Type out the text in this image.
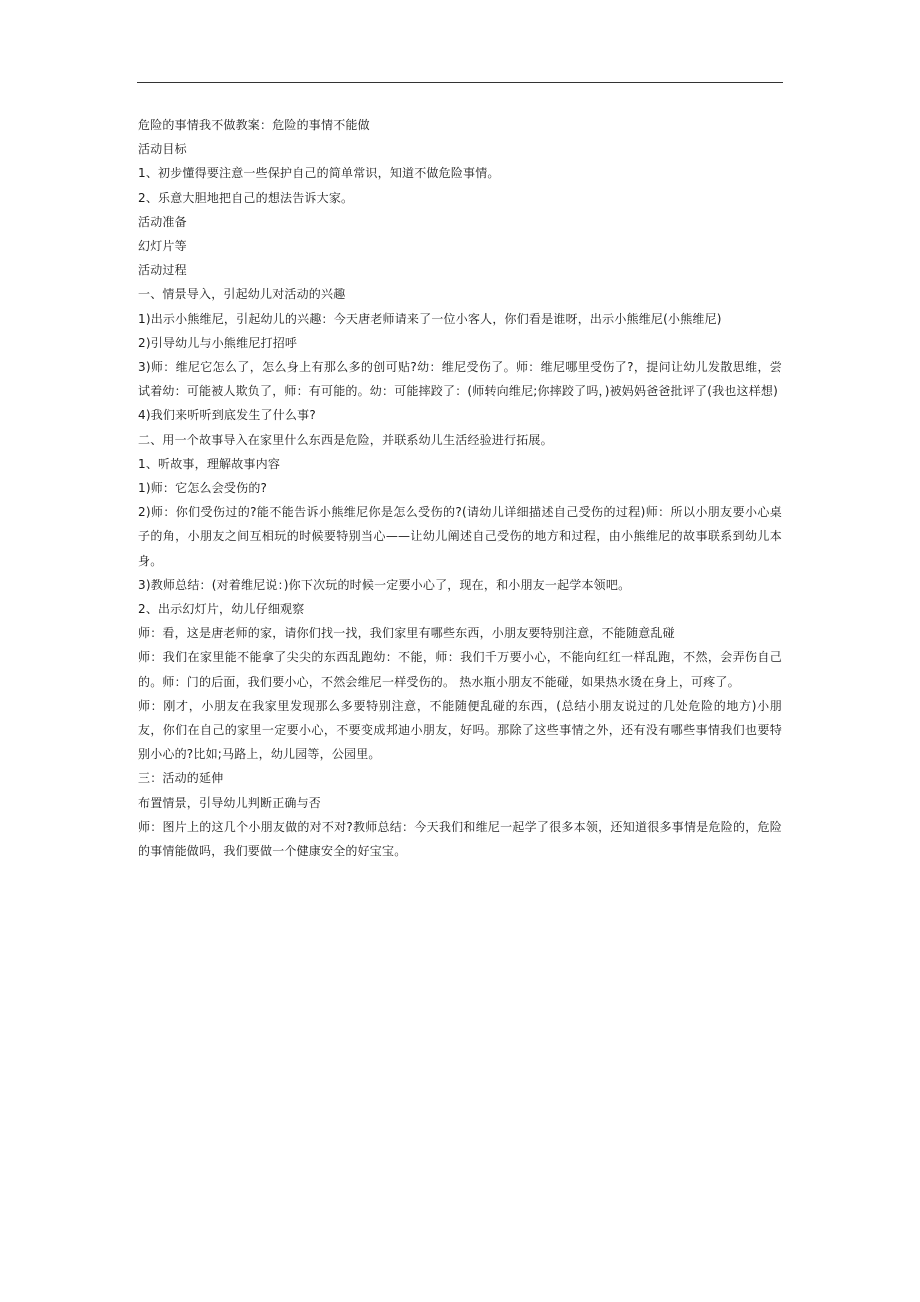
危险的事情我不做教案：危险的事情不能做

活动目标

1、初步懂得要注意一些保护自己的简单常识，知道不做危险事情。

2、乐意大胆地把自己的想法告诉大家。

活动准备

幻灯片等

活动过程

一、情景导入，引起幼儿对活动的兴趣

1)出示小熊维尼，引起幼儿的兴趣：今天唐老师请来了一位小客人，你们看是谁呀，出示小熊维尼(小熊维尼)

2)引导幼儿与小熊维尼打招呼

3)师：维尼它怎么了，怎么身上有那么多的创可贴?幼：维尼受伤了。师：维尼哪里受伤了?，提问让幼儿发散思维，尝试着幼：可能被人欺负了，师：有可能的。幼：可能摔跤了：(师转向维尼;你摔跤了吗，)被妈妈爸爸批评了(我也这样想)

4)我们来听听到底发生了什么事?

二、用一个故事导入在家里什么东西是危险，并联系幼儿生活经验进行拓展。

1、听故事，理解故事内容

1)师：它怎么会受伤的?

2)师：你们受伤过的?能不能告诉小熊维尼你是怎么受伤的?(请幼儿详细描述自己受伤的过程)师：所以小朋友要小心桌子的角，小朋友之间互相玩的时候要特别当心——让幼儿阐述自己受伤的地方和过程，由小熊维尼的故事联系到幼儿本身。

3)教师总结：(对着维尼说：)你下次玩的时候一定要小心了，现在，和小朋友一起学本领吧。

2、出示幻灯片，幼儿仔细观察

师：看，这是唐老师的家，请你们找一找，我们家里有哪些东西，小朋友要特别注意，不能随意乱碰

师：我们在家里能不能拿了尖尖的东西乱跑幼：不能，师：我们千万要小心，不能向红红一样乱跑，不然，会弄伤自己的。师：门的后面，我们要小心，不然会维尼一样受伤的。 热水瓶小朋友不能碰，如果热水烫在身上，可疼了。

师：刚才，小朋友在我家里发现那么多要特别注意，不能随便乱碰的东西，(总结小朋友说过的几处危险的地方)小朋友，你们在自己的家里一定要小心，不要变成邦迪小朋友，好吗。那除了这些事情之外，还有没有哪些事情我们也要特别小心的?比如;马路上，幼儿园等，公园里。

三：活动的延伸

布置情景，引导幼儿判断正确与否

师：图片上的这几个小朋友做的对不对?教师总结：今天我们和维尼一起学了很多本领，还知道很多事情是危险的，危险的事情能做吗，我们要做一个健康安全的好宝宝。
